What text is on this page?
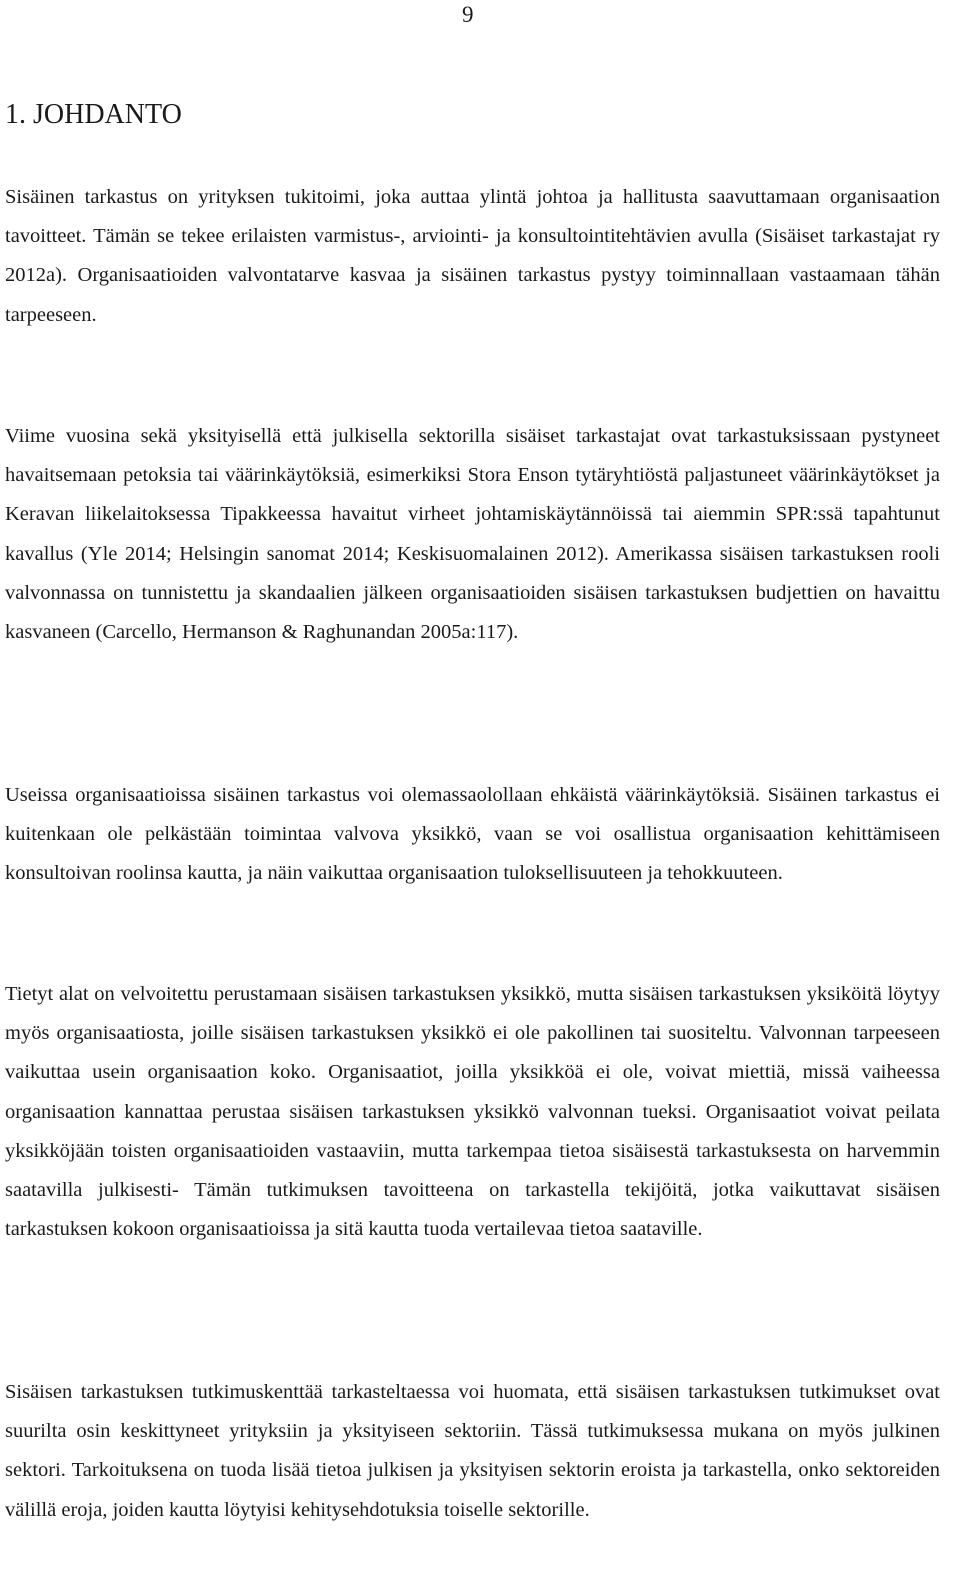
9
1. JOHDANTO

Sisäinen tarkastus on yrityksen tukitoimi, joka auttaa ylintä johtoa ja hallitusta saavuttamaan organisaation tavoitteet. Tämän se tekee erilaisten varmistus-, arviointi- ja konsultointitehtävien avulla (Sisäiset tarkastajat ry 2012a). Organisaatioiden valvontatarve kasvaa ja sisäinen tarkastus pystyy toiminnallaan vastaamaan tähän tarpeeseen.

Viime vuosina sekä yksityisellä että julkisella sektorilla sisäiset tarkastajat ovat tarkastuksissaan pystyneet havaitsemaan petoksia tai väärinkäytöksiä, esimerkiksi Stora Enson tytäryhtiöstä paljastuneet väärinkäytökset ja Keravan liikelaitoksessa Tipakkeessa havaitut virheet johtamiskäytännöissä tai aiemmin SPR:ssä tapahtunut kavallus (Yle 2014; Helsingin sanomat 2014; Keskisuomalainen 2012). Amerikassa sisäisen tarkastuksen rooli valvonnassa on tunnistettu ja skandaalien jälkeen organisaatioiden sisäisen tarkastuksen budjettien on havaittu kasvaneen (Carcello, Hermanson & Raghunandan 2005a:117).

Useissa organisaatioissa sisäinen tarkastus voi olemassaolollaan ehkäistä väärinkäytöksiä. Sisäinen tarkastus ei kuitenkaan ole pelkästään toimintaa valvova yksikkö, vaan se voi osallistua organisaation kehittämiseen konsultoivan roolinsa kautta, ja näin vaikuttaa organisaation tuloksellisuuteen ja tehokkuuteen.

Tietyt alat on velvoitettu perustamaan sisäisen tarkastuksen yksikkö, mutta sisäisen tarkastuksen yksiköitä löytyy myös organisaatiosta, joille sisäisen tarkastuksen yksikkö ei ole pakollinen tai suositeltu. Valvonnan tarpeeseen vaikuttaa usein organisaation koko. Organisaatiot, joilla yksikköä ei ole, voivat miettiä, missä vaiheessa organisaation kannattaa perustaa sisäisen tarkastuksen yksikkö valvonnan tueksi. Organisaatiot voivat peilata yksikköjään toisten organisaatioiden vastaaviin, mutta tarkempaa tietoa sisäisestä tarkastuksesta on harvemmin saatavilla julkisesti- Tämän tutkimuksen tavoitteena on tarkastella tekijöitä, jotka vaikuttavat sisäisen tarkastuksen kokoon organisaatioissa ja sitä kautta tuoda vertailevaa tietoa saataville.

Sisäisen tarkastuksen tutkimuskenttää tarkasteltaessa voi huomata, että sisäisen tarkastuksen tutkimukset ovat suurilta osin keskittyneet yrityksiin ja yksityiseen sektoriin. Tässä tutkimuksessa mukana on myös julkinen sektori. Tarkoituksena on tuoda lisää tietoa julkisen ja yksityisen sektorin eroista ja tarkastella, onko sektoreiden välillä eroja, joiden kautta löytyisi kehitysehdotuksia toiselle sektorille.
